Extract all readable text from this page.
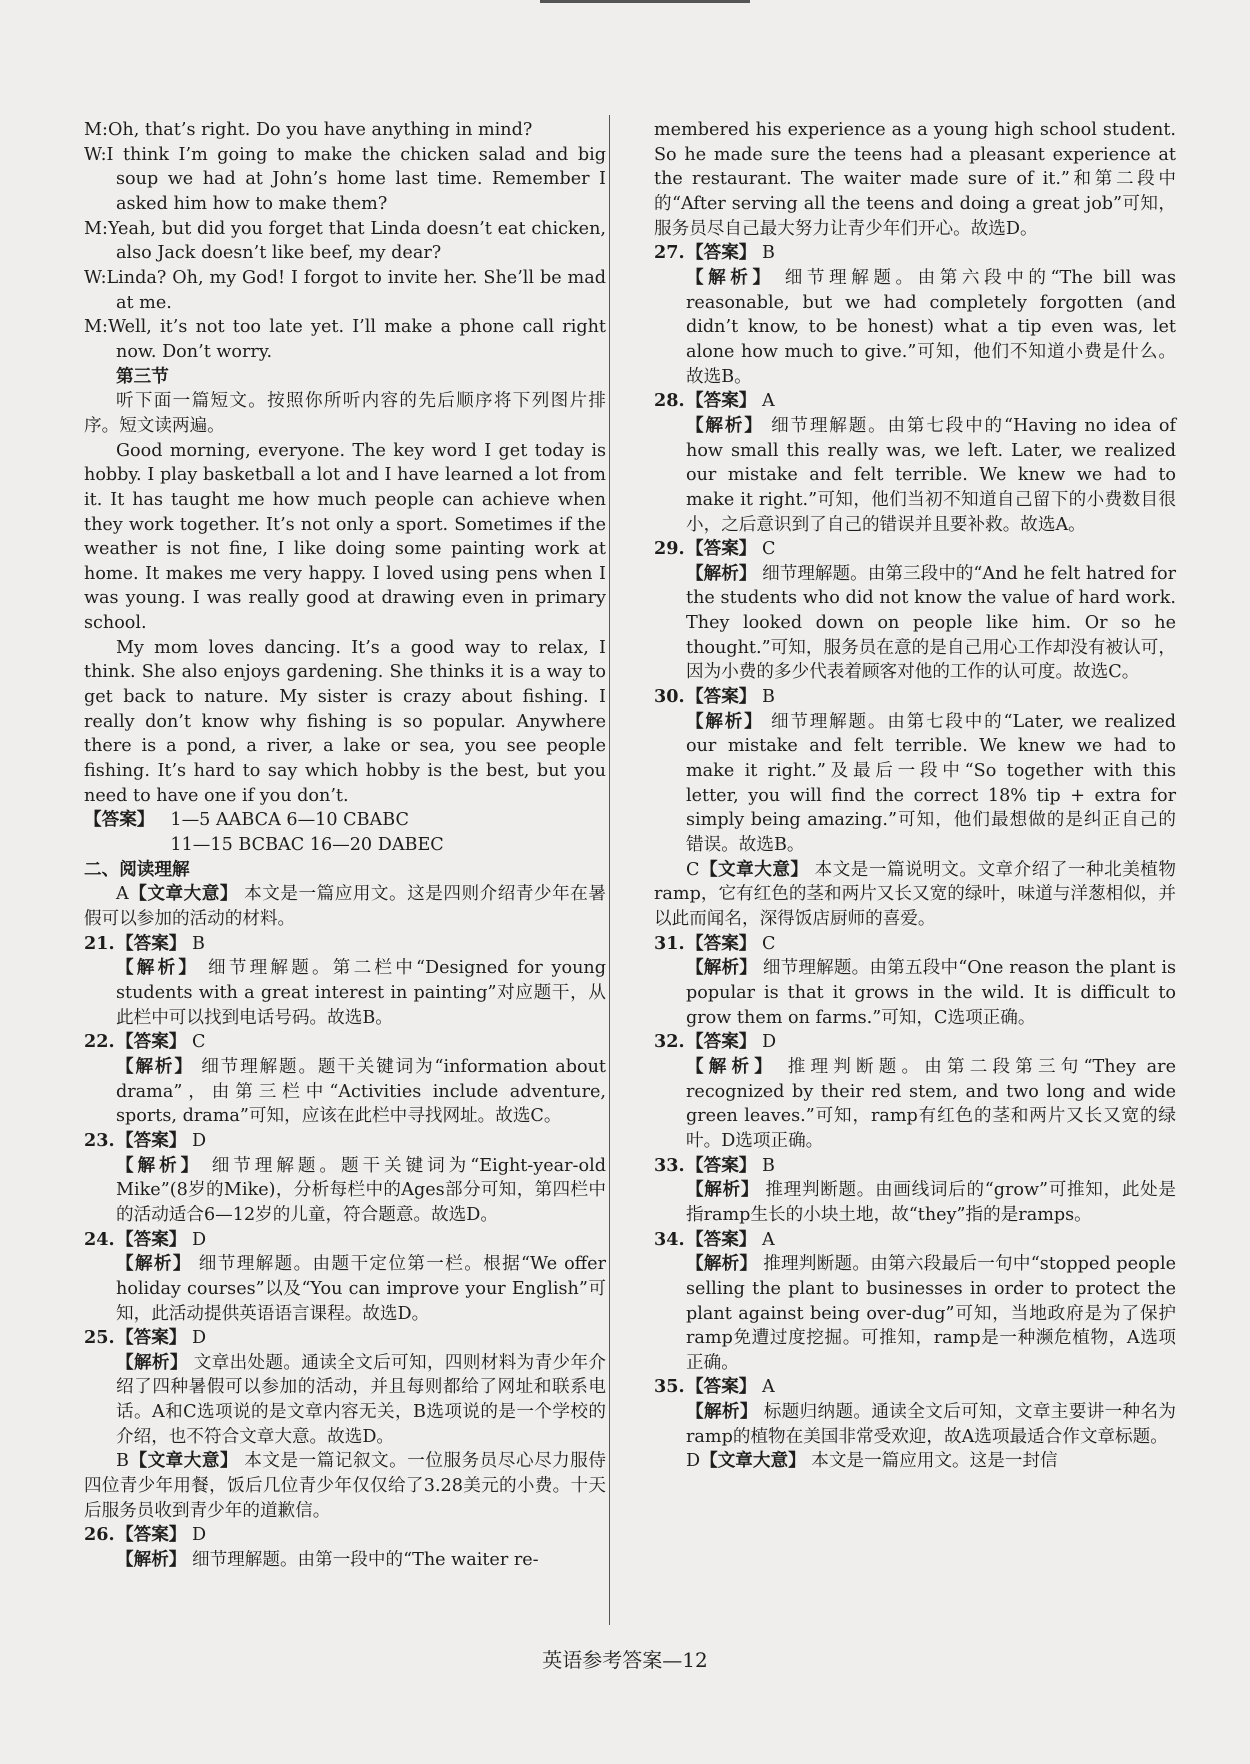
M:Oh, that’s right. Do you have anything in mind?
W:I think I’m going to make the chicken salad and big soup we had at John’s home last time. Remember I asked him how to make them?
M:Yeah, but did you forget that Linda doesn’t eat chicken, also Jack doesn’t like beef, my dear?
W:Linda? Oh, my God! I forgot to invite her. She’ll be mad at me.
M:Well, it’s not too late yet. I’ll make a phone call right now. Don’t worry.

第三节

听下面一篇短文。按照你所听内容的先后顺序将下列图片排序。短文读两遍。

Good morning, everyone. The key word I get today is hobby. I play basketball a lot and I have learned a lot from it. It has taught me how much people can achieve when they work together. It’s not only a sport. Sometimes if the weather is not fine, I like doing some painting work at home. It makes me very happy. I loved using pens when I was young. I was really good at drawing even in primary school.

My mom loves dancing. It’s a good way to relax, I think. She also enjoys gardening. She thinks it is a way to get back to nature. My sister is crazy about fishing. I really don’t know why fishing is so popular. Anywhere there is a pond, a river, a lake or sea, you see people fishing. It’s hard to say which hobby is the best, but you need to have one if you don’t.

【答案】 1—5 AABCA 6—10 CBABC
11—15 BCBAC 16—20 DABEC

二、阅读理解

A【文章大意】 本文是一篇应用文。这是四则介绍青少年在暑假可以参加的活动的材料。

21. 【答案】 B
【解析】 细节理解题。第二栏中“Designed for young students with a great interest in painting”对应题干，从此栏中可以找到电话号码。故选B。
22. 【答案】 C
【解析】 细节理解题。题干关键词为“information about drama”，由第三栏中“Activities include adventure, sports, drama”可知，应该在此栏中寻找网址。故选C。
23. 【答案】 D
【解析】 细节理解题。题干关键词为“Eight-year-old Mike”(8岁的Mike)，分析每栏中的Ages部分可知，第四栏中的活动适合6—12岁的儿童，符合题意。故选D。
24. 【答案】 D
【解析】 细节理解题。由题干定位第一栏。根据“We offer holiday courses”以及“You can improve your English”可知，此活动提供英语语言课程。故选D。
25. 【答案】 D
【解析】 文章出处题。通读全文后可知，四则材料为青少年介绍了四种暑假可以参加的活动，并且每则都给了网址和联系电话。A和C选项说的是文章内容无关，B选项说的是一个学校的介绍，也不符合文章大意。故选D。

B【文章大意】 本文是一篇记叙文。一位服务员尽心尽力服侍四位青少年用餐，饭后几位青少年仅仅给了3.28美元的小费。十天后服务员收到青少年的道歉信。

26. 【答案】 D
【解析】 细节理解题。由第一段中的“The waiter re-

membered his experience as a young high school student. So he made sure the teens had a pleasant experience at the restaurant. The waiter made sure of it.”和第二段中的“After serving all the teens and doing a great job”可知，服务员尽自己最大努力让青少年们开心。故选D。

27. 【答案】 B
【解析】 细节理解题。由第六段中的“The bill was reasonable, but we had completely forgotten (and didn’t know, to be honest) what a tip even was, let alone how much to give.”可知，他们不知道小费是什么。故选B。
28. 【答案】 A
【解析】 细节理解题。由第七段中的“Having no idea of how small this really was, we left. Later, we realized our mistake and felt terrible. We knew we had to make it right.”可知，他们当初不知道自己留下的小费数目很小，之后意识到了自己的错误并且要补救。故选A。
29. 【答案】 C
【解析】 细节理解题。由第三段中的“And he felt hatred for the students who did not know the value of hard work. They looked down on people like him. Or so he thought.”可知，服务员在意的是自己用心工作却没有被认可，因为小费的多少代表着顾客对他的工作的认可度。故选C。
30. 【答案】 B
【解析】 细节理解题。由第七段中的“Later, we realized our mistake and felt terrible. We knew we had to make it right.”及最后一段中“So together with this letter, you will find the correct 18% tip + extra for simply being amazing.”可知，他们最想做的是纠正自己的错误。故选B。

C【文章大意】 本文是一篇说明文。文章介绍了一种北美植物ramp，它有红色的茎和两片又长又宽的绿叶，味道与洋葱相似，并以此而闻名，深得饭店厨师的喜爱。

31. 【答案】 C
【解析】 细节理解题。由第五段中“One reason the plant is popular is that it grows in the wild. It is difficult to grow them on farms.”可知，C选项正确。
32. 【答案】 D
【解析】 推理判断题。由第二段第三句“They are recognized by their red stem, and two long and wide green leaves.”可知，ramp有红色的茎和两片又长又宽的绿叶。D选项正确。
33. 【答案】 B
【解析】 推理判断题。由画线词后的“grow”可推知，此处是指ramp生长的小块土地，故“they”指的是ramps。
34. 【答案】 A
【解析】 推理判断题。由第六段最后一句中“stopped people selling the plant to businesses in order to protect the plant against being over-dug”可知，当地政府是为了保护ramp免遭过度挖掘。可推知，ramp是一种濒危植物，A选项正确。
35. 【答案】 A
【解析】 标题归纳题。通读全文后可知，文章主要讲一种名为ramp的植物在美国非常受欢迎，故A选项最适合作文章标题。

D【文章大意】 本文是一篇应用文。这是一封信

英语参考答案—12
